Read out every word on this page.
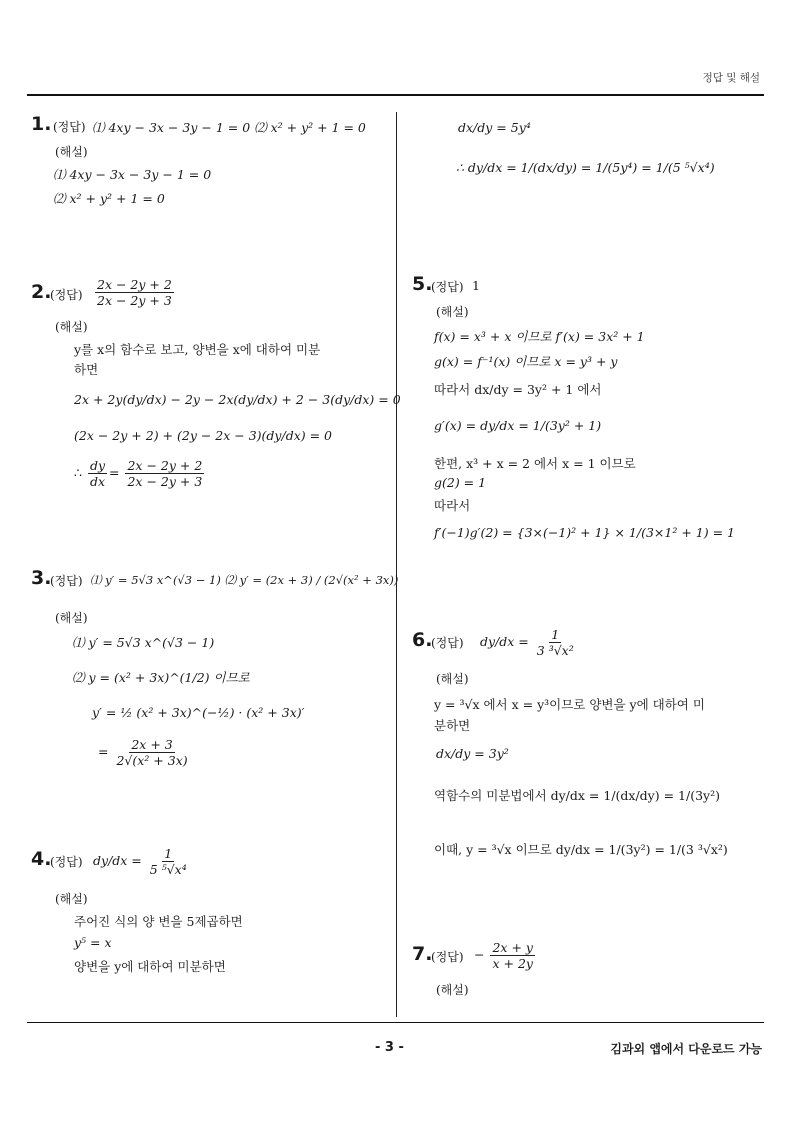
정답 및 해설
1. (정답) ⑴ 4xy − 3x − 3y − 1 = 0 ⑵ x² + y² + 1 = 0
(해설)
⑴ 4xy − 3x − 3y − 1 = 0
⑵ x² + y² + 1 = 0
2.
(정답) $\frac{2x - 2y + 2}{2x - 2y + 3}$
(해설)
y를 x의 함수로 보고, 양변을 x에 대하여 미분
하면
2x + 2y(dy/dx) − 2y − 2x(dy/dx) + 2 − 3(dy/dx) = 0
(2x − 2y + 2) + (2y − 2x − 3)(dy/dx) = 0
∴ $\frac{dy}{dx} = \frac{2x - 2y + 2}{2x - 2y + 3}$
3.
(정답) ⑴ y′ = 5√3 x^(√3 − 1) ⑵ y′ = (2x + 3) / (2√(x² + 3x))
(해설)
⑴ y′ = 5√3 x^(√3 − 1)
⑵ y = (x² + 3x)^(1/2) 이므로
y′ = ½ (x² + 3x)^(−½) · (x² + 3x)′
= $\frac{2x + 3}{\text{2√(x² + 3x)}}$
4.
(정답) $dy/dx = \frac{1}{\text{5 ⁵√x⁴}}$
(해설)
주어진 식의 양 변을 5제곱하면
y⁵ = x
양변을 y에 대하여 미분하면
dx/dy = 5y⁴
∴ dy/dx = 1/(dx/dy) = 1/(5y⁴) = 1/(5 ⁵√x⁴)
5.
(정답) 1
(해설)
f(x) = x³ + x 이므로 f′(x) = 3x² + 1
g(x) = f⁻¹(x) 이므로 x = y³ + y
따라서 dx/dy = 3y² + 1 에서
g′(x) = dy/dx = 1/(3y² + 1)
한편, x³ + x = 2 에서 x = 1 이므로
g(2) = 1
따라서
f′(−1)g′(2) = {3×(−1)² + 1} × 1/(3×1² + 1) = 1
6.
(정답) $dy/dx = \frac{1}{\text{3 ³√x²}}$
(해설)
y = ³√x 에서 x = y³이므로 양변을 y에 대하여 미
분하면
dx/dy = 3y²
역함수의 미분법에서 dy/dx = 1/(dx/dy) = 1/(3y²)
이때, y = ³√x 이므로 dy/dx = 1/(3y²) = 1/(3 ³√x²)
7.
(정답) − $\frac{2x + y}{x + 2y}$
(해설)
- 3 -	김과외 앱에서 다운로드 가능
